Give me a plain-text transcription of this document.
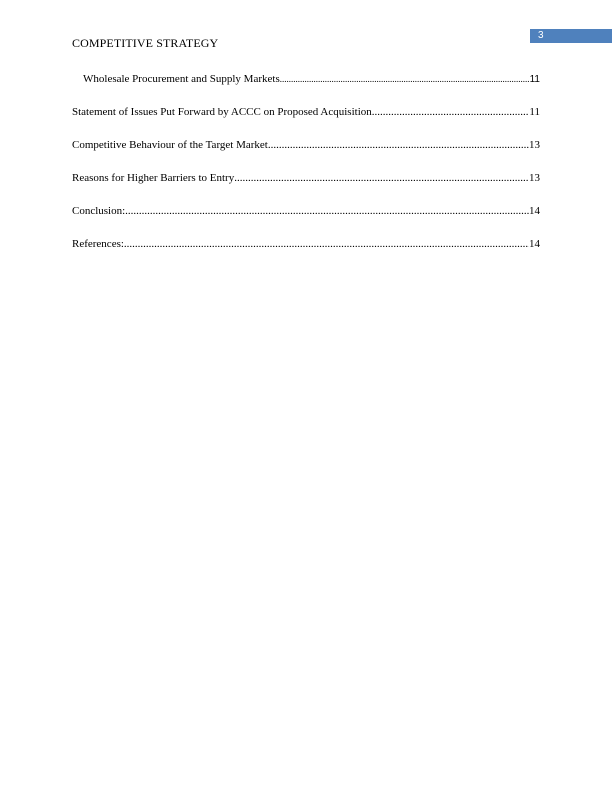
3
COMPETITIVE STRATEGY
Wholesale Procurement and Supply Markets .....	11
Statement of Issues Put Forward by ACCC on Proposed Acquisition .....	11
Competitive Behaviour of the Target Market .....	13
Reasons for Higher Barriers to Entry .....	13
Conclusion: .....	14
References: .....	14
